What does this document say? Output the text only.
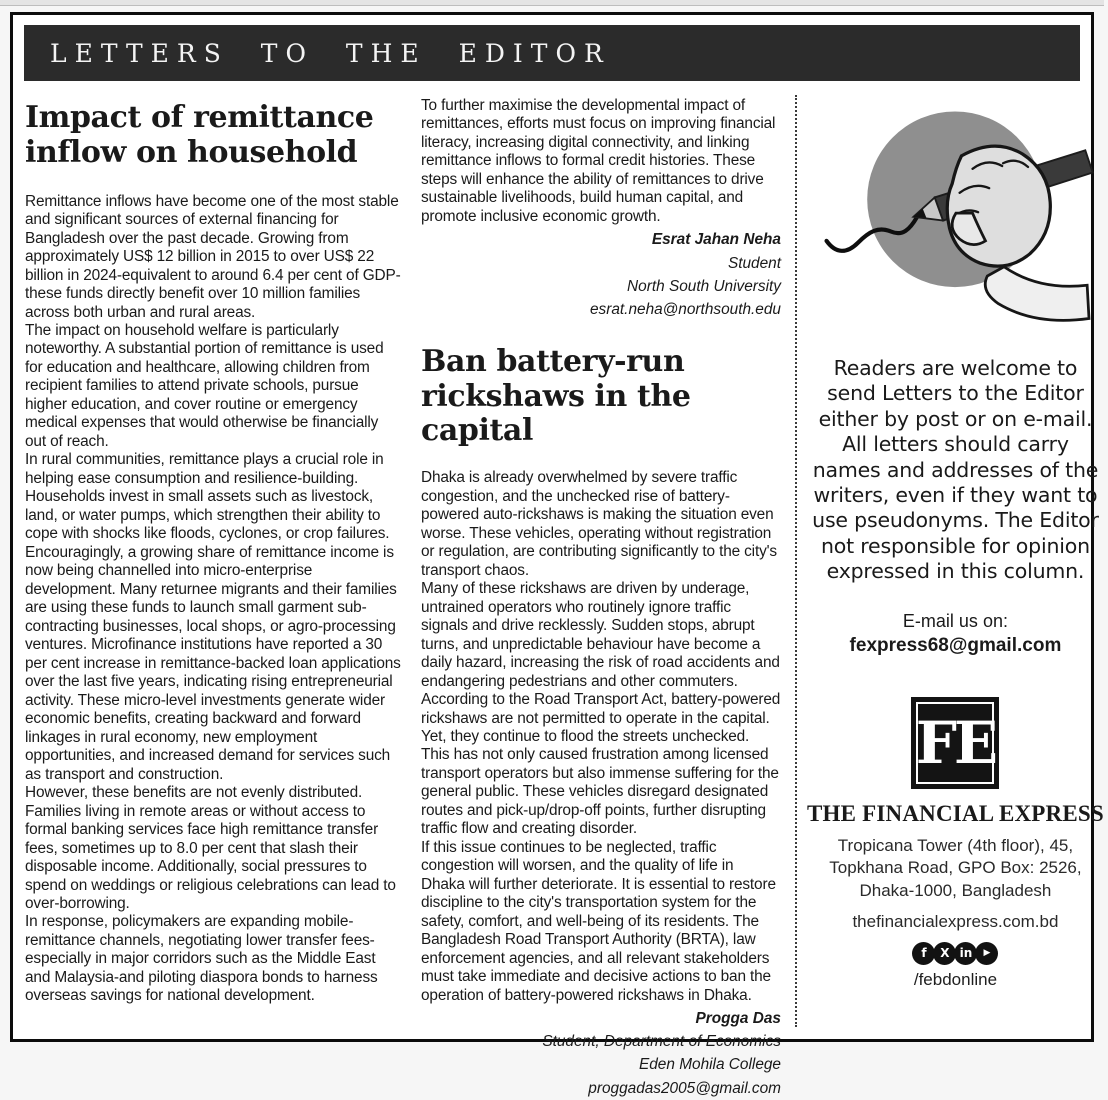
LETTERS TO THE EDITOR
Impact of remittance
inflow on household

Remittance inflows have become one of the most stable and significant sources of external financing for Bangladesh over the past decade. Growing from approximately US$ 12 billion in 2015 to over US$ 22 billion in 2024-equivalent to around 6.4 per cent of GDP-these funds directly benefit over 10 million families across both urban and rural areas.

The impact on household welfare is particularly noteworthy. A substantial portion of remittance is used for education and healthcare, allowing children from recipient families to attend private schools, pursue higher education, and cover routine or emergency medical expenses that would otherwise be financially out of reach.

In rural communities, remittance plays a crucial role in helping ease consumption and resilience-building. Households invest in small assets such as livestock, land, or water pumps, which strengthen their ability to cope with shocks like floods, cyclones, or crop failures. Encouragingly, a growing share of remittance income is now being channelled into micro-enterprise development. Many returnee migrants and their families are using these funds to launch small garment sub-contracting businesses, local shops, or agro-processing ventures. Microfinance institutions have reported a 30 per cent increase in remittance-backed loan applications over the last five years, indicating rising entrepreneurial activity. These micro-level investments generate wider economic benefits, creating backward and forward linkages in rural economy, new employment opportunities, and increased demand for services such as transport and construction.

However, these benefits are not evenly distributed. Families living in remote areas or without access to formal banking services face high remittance transfer fees, sometimes up to 8.0 per cent that slash their disposable income. Additionally, social pressures to spend on weddings or religious celebrations can lead to over-borrowing.

In response, policymakers are expanding mobile-remittance channels, negotiating lower transfer fees-especially in major corridors such as the Middle East and Malaysia-and piloting diaspora bonds to harness overseas savings for national development.

To further maximise the developmental impact of remittances, efforts must focus on improving financial literacy, increasing digital connectivity, and linking remittance inflows to formal credit histories. These steps will enhance the ability of remittances to drive sustainable livelihoods, build human capital, and promote inclusive economic growth.

Esrat Jahan Neha
Student
North South University
esrat.neha@northsouth.edu
Ban battery-run
rickshaws in the capital

Dhaka is already overwhelmed by severe traffic congestion, and the unchecked rise of battery-powered auto-rickshaws is making the situation even worse. These vehicles, operating without registration or regulation, are contributing significantly to the city's transport chaos.

Many of these rickshaws are driven by underage, untrained operators who routinely ignore traffic signals and drive recklessly. Sudden stops, abrupt turns, and unpredictable behaviour have become a daily hazard, increasing the risk of road accidents and endangering pedestrians and other commuters.

According to the Road Transport Act, battery-powered rickshaws are not permitted to operate in the capital. Yet, they continue to flood the streets unchecked. This has not only caused frustration among licensed transport operators but also immense suffering for the general public. These vehicles disregard designated routes and pick-up/drop-off points, further disrupting traffic flow and creating disorder.

If this issue continues to be neglected, traffic congestion will worsen, and the quality of life in Dhaka will further deteriorate. It is essential to restore discipline to the city's transportation system for the safety, comfort, and well-being of its residents. The Bangladesh Road Transport Authority (BRTA), law enforcement agencies, and all relevant stakeholders must take immediate and decisive actions to ban the operation of battery-powered rickshaws in Dhaka.

Progga Das
Student, Department of Economics
Eden Mohila College
proggadas2005@gmail.com
Readers are welcome to send Letters to the Editor either by post or on e-mail. All letters should carry names and addresses of the writers, even if they want to use pseudonyms. The Editor not responsible for opinion expressed in this column.
E-mail us on:
fexpress68@gmail.com
FE
THE FINANCIAL EXPRESS
Tropicana Tower (4th floor), 45,
Topkhana Road, GPO Box: 2526,
Dhaka-1000, Bangladesh
thefinancialexpress.com.bd
f	X in	▶
/febdonline
